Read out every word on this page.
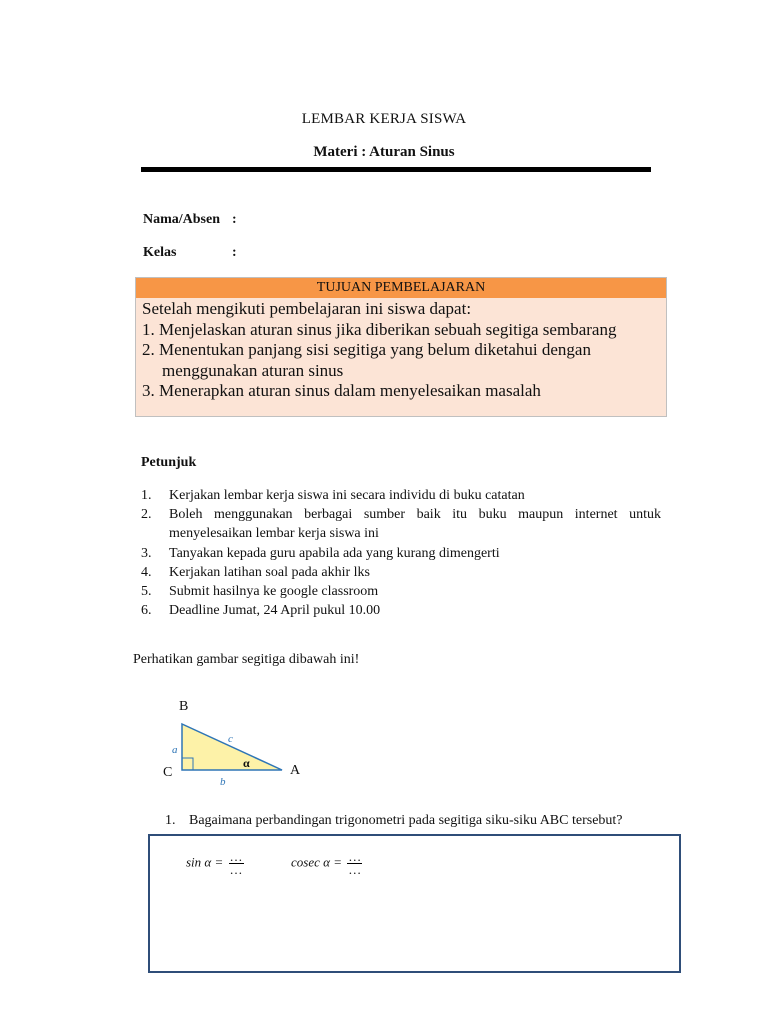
LEMBAR KERJA SISWA
Materi : Aturan Sinus
Nama/Absen :
Kelas	:
TUJUAN PEMBELAJARAN
Setelah mengikuti pembelajaran ini siswa dapat:
1. Menjelaskan aturan sinus jika diberikan sebuah segitiga sembarang
2. Menentukan panjang sisi segitiga yang belum diketahui dengan
menggunakan aturan sinus
3. Menerapkan aturan sinus dalam menyelesaikan masalah
Petunjuk
1.	Kerjakan lembar kerja siswa ini secara individu di buku catatan
2.	Boleh menggunakan berbagai sumber baik itu buku maupun internet untuk
menyelesaikan lembar kerja siswa ini
3.	Tanyakan kepada guru apabila ada yang kurang dimengerti
4.	Kerjakan latihan soal pada akhir lks
5.	Submit hasilnya ke google classroom
6.	Deadline Jumat, 24 April pukul 10.00
Perhatikan gambar segitiga dibawah ini!
B
C	A
a
b
c
α
1. Bagaimana perbandingan trigonometri pada segitiga siku-siku ABC tersebut?
$\sin \alpha = \frac{\dots}{\dots}$	cosec $\alpha = \frac{\dots}{\dots}$
